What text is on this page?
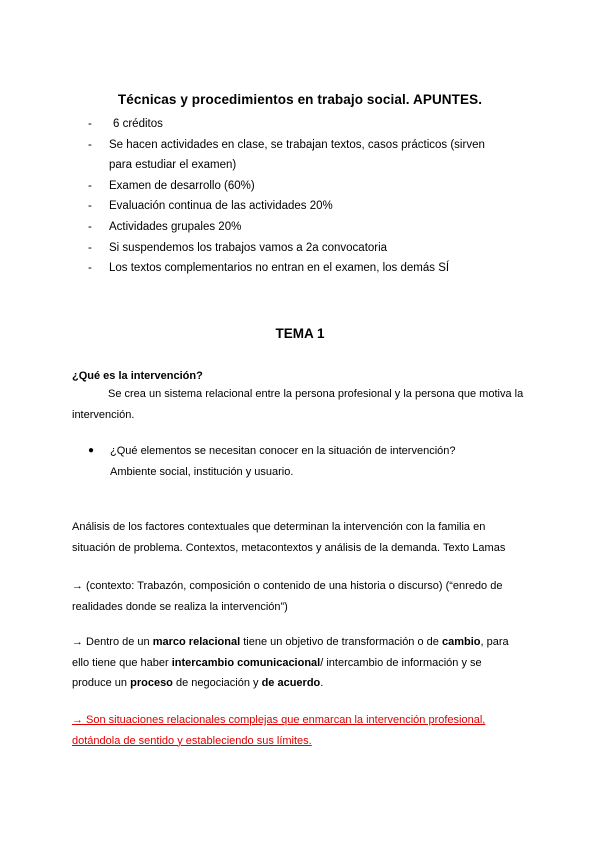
Técnicas y procedimientos en trabajo social. APUNTES.
- 6 créditos
- Se hacen actividades en clase, se trabajan textos, casos prácticos (sirven
para estudiar el examen)
- Examen de desarrollo (60%)
- Evaluación continua de las actividades 20%
- Actividades grupales 20%
- Si suspendemos los trabajos vamos a 2a convocatoria
- Los textos complementarios no entran en el examen, los demás SÍ
TEMA 1

¿Qué es la intervención?

Se crea un sistema relacional entre la persona profesional y la persona que motiva la
intervención.

●	¿Qué elementos se necesitan conocer en la situación de intervención?
Ambiente social, institución y usuario.

Análisis de los factores contextuales que determinan la intervención con la familia en
situación de problema. Contextos, metacontextos y análisis de la demanda. Texto Lamas

→ (contexto: Trabazón, composición o contenido de una historia o discurso) (“enredo de
realidades donde se realiza la intervención”)

→ Dentro de un marco relacional tiene un objetivo de transformación o de cambio, para
ello tiene que haber intercambio comunicacional/ intercambio de información y se
produce un proceso de negociación y de acuerdo.

→ Son situaciones relacionales complejas que enmarcan la intervención profesional,
dotándola de sentido y estableciendo sus límites.
